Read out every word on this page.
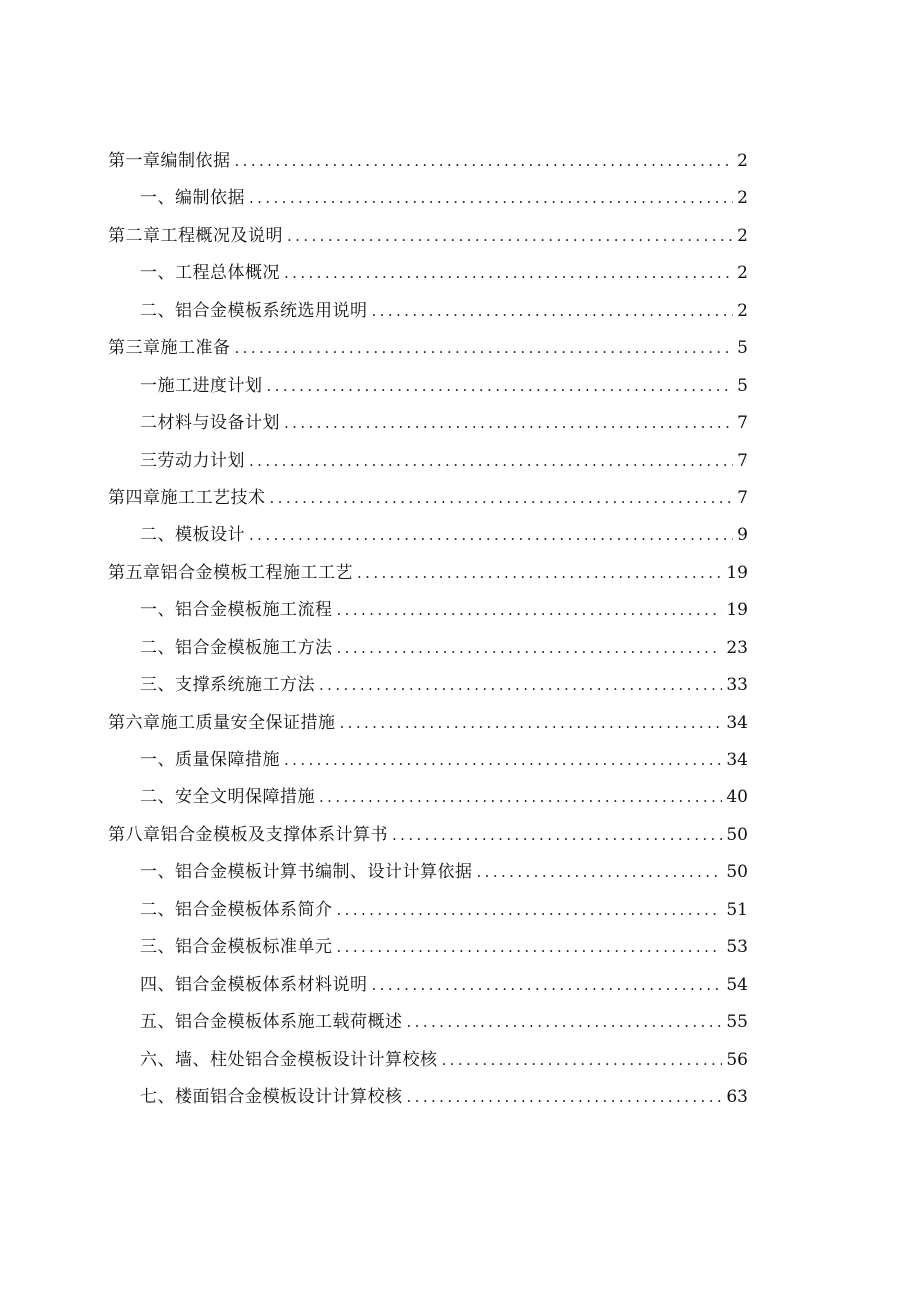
第一章编制依据 .....	2
一、编制依据 .....	2
第二章工程概况及说明 .....	2
一、工程总体概况 .....	2
二、铝合金模板系统选用说明 .....	2
第三章施工准备 .....	5
一施工进度计划 .....	5
二材料与设备计划 .....	7
三劳动力计划 .....	7
第四章施工工艺技术 .....	7
二、模板设计 .....	9
第五章铝合金模板工程施工工艺 .....	19
一、铝合金模板施工流程 .....	19
二、铝合金模板施工方法 .....	23
三、支撑系统施工方法 .....	33
第六章施工质量安全保证措施 .....	34
一、质量保障措施 .....	34
二、安全文明保障措施 .....	40
第八章铝合金模板及支撑体系计算书 .....	50
一、铝合金模板计算书编制、设计计算依据 .....	50
二、铝合金模板体系简介 .....	51
三、铝合金模板标准单元 .....	53
四、铝合金模板体系材料说明 .....	54
五、铝合金模板体系施工载荷概述 .....	55
六、墙、柱处铝合金模板设计计算校核 .....	56
七、楼面铝合金模板设计计算校核 .....	63
